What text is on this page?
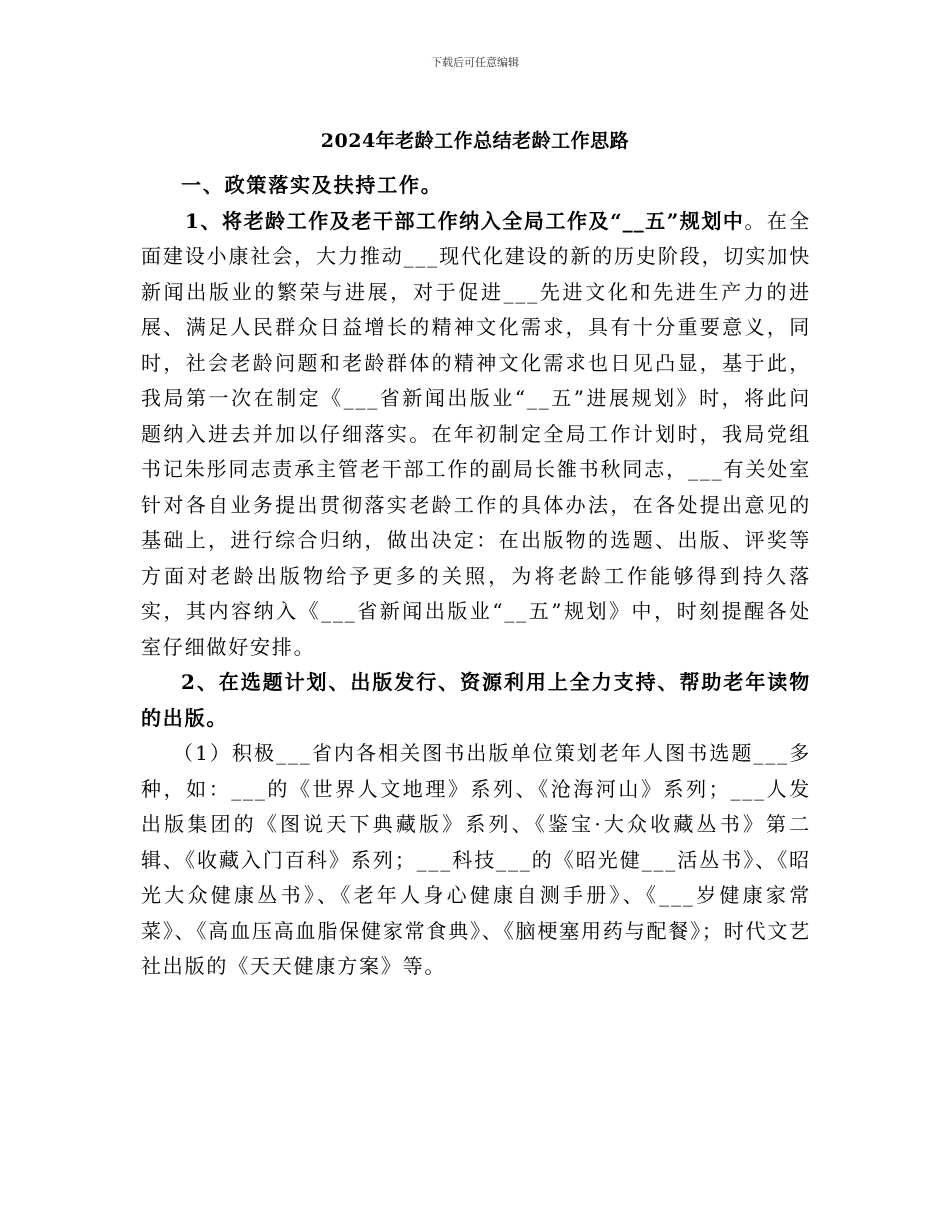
下载后可任意编辑
2024年老龄工作总结老龄工作思路

一、政策落实及扶持工作。

1、将老龄工作及老干部工作纳入全局工作及“__五”规划中。在全面建设小康社会，大力推动___现代化建设的新的历史阶段，切实加快新闻出版业的繁荣与进展，对于促进___先进文化和先进生产力的进展、满足人民群众日益增长的精神文化需求，具有十分重要意义，同时，社会老龄问题和老龄群体的精神文化需求也日见凸显，基于此，我局第一次在制定《___省新闻出版业“__五”进展规划》时，将此问题纳入进去并加以仔细落实。在年初制定全局工作计划时，我局党组书记朱彤同志责承主管老干部工作的副局长雒书秋同志，___有关处室针对各自业务提出贯彻落实老龄工作的具体办法，在各处提出意见的基础上，进行综合归纳，做出决定：在出版物的选题、出版、评奖等方面对老龄出版物给予更多的关照，为将老龄工作能够得到持久落实，其内容纳入《___省新闻出版业“__五”规划》中，时刻提醒各处室仔细做好安排。

2、在选题计划、出版发行、资源利用上全力支持、帮助老年读物的出版。

（1）积极___省内各相关图书出版单位策划老年人图书选题___多种，如：___的《世界人文地理》系列、《沧海河山》系列；___人发出版集团的《图说天下典藏版》系列、《鉴宝·大众收藏丛书》第二辑、《收藏入门百科》系列；___科技___的《昭光健___活丛书》、《昭光大众健康丛书》、《老年人身心健康自测手册》、《___岁健康家常菜》、《高血压高血脂保健家常食典》、《脑梗塞用药与配餐》；时代文艺社出版的《天天健康方案》等。
